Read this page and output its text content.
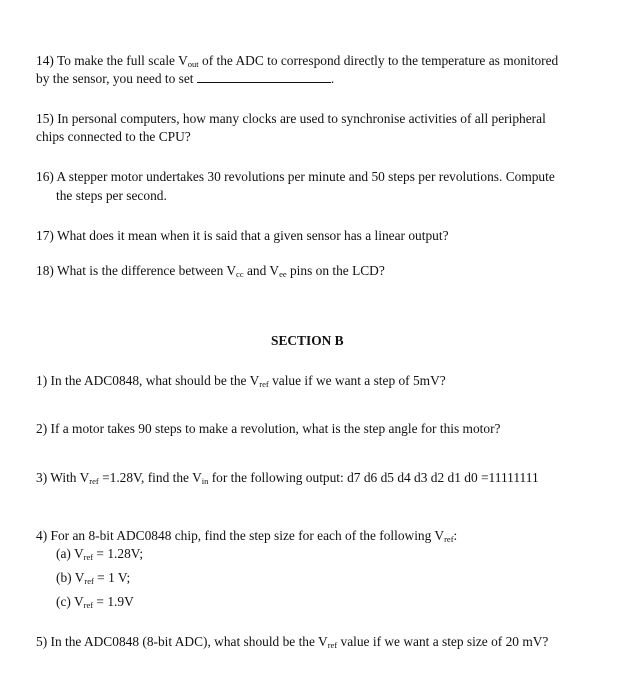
14) To make the full scale $V_{out}$ of the ADC to correspond directly to the temperature as monitored
by the sensor, you need to set	.
15) In personal computers, how many clocks are used to synchronise activities of all peripheral
chips connected to the CPU?
16) A stepper motor undertakes 30 revolutions per minute and 50 steps per revolutions. Compute
the steps per second.
17) What does it mean when it is said that a given sensor has a linear output?
18) What is the difference between $V_{cc}$ and $V_{ee}$ pins on the LCD?
SECTION B
1) In the ADC0848, what should be the $V_{ref}$ value if we want a step of 5mV?
2) If a motor takes 90 steps to make a revolution, what is the step angle for this motor?
3) With $V_{ref} =1.28V$, find the $V_{in}$ for the following output: d7 d6 d5 d4 d3 d2 d1 d0 =11111111
4) For an 8-bit ADC0848 chip, find the step size for each of the following $V_{ref}$:
(a) $V_{ref} = 1.28V$;
(b) $V_{ref} = 1$ V;
(c) $V_{ref} = 1.9V$
5) In the ADC0848 (8-bit ADC), what should be the $V_{ref}$ value if we want a step size of 20 mV?
